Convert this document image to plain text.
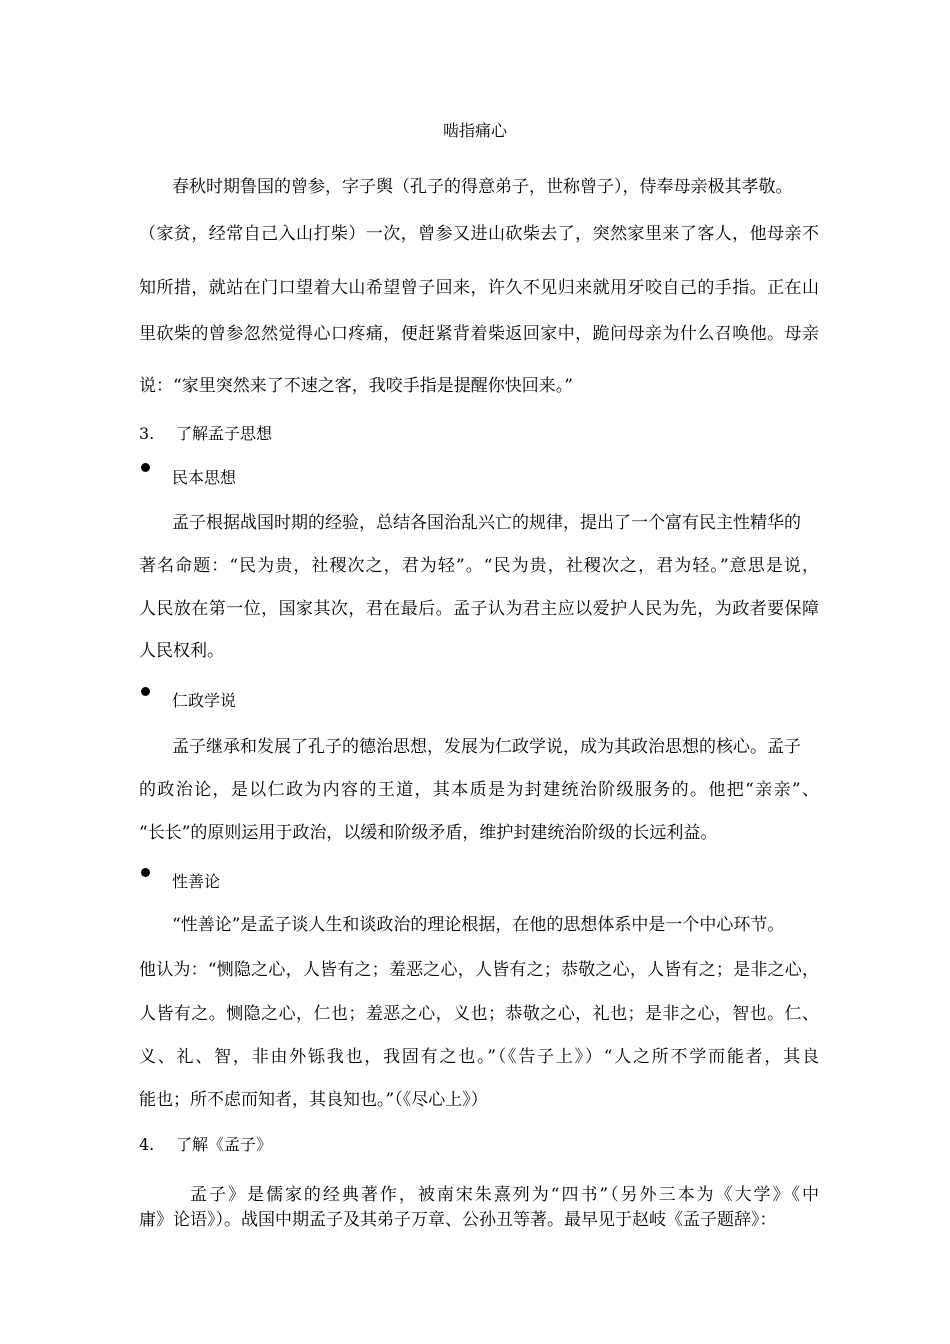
啮指痛心
春秋时期鲁国的曾参，字子舆（孔子的得意弟子，世称曾子），侍奉母亲极其孝敬。
（家贫，经常自己入山打柴）一次，曾参又进山砍柴去了，突然家里来了客人，他母亲不
知所措，就站在门口望着大山希望曾子回来，许久不见归来就用牙咬自己的手指。正在山
里砍柴的曾参忽然觉得心口疼痛，便赶紧背着柴返回家中，跪问母亲为什么召唤他。母亲
说：“家里突然来了不速之客，我咬手指是提醒你快回来。”
3. 了解孟子思想
民本思想
孟子根据战国时期的经验，总结各国治乱兴亡的规律，提出了一个富有民主性精华的
著名命题：“民为贵，社稷次之，君为轻”。“民为贵，社稷次之，君为轻。”意思是说，
人民放在第一位，国家其次，君在最后。孟子认为君主应以爱护人民为先，为政者要保障
人民权利。
仁政学说
孟子继承和发展了孔子的德治思想，发展为仁政学说，成为其政治思想的核心。孟子
的政治论，是以仁政为内容的王道，其本质是为封建统治阶级服务的。他把“亲亲”、
“长长”的原则运用于政治，以缓和阶级矛盾，维护封建统治阶级的长远利益。
性善论
“性善论”是孟子谈人生和谈政治的理论根据，在他的思想体系中是一个中心环节。
他认为：“恻隐之心，人皆有之；羞恶之心，人皆有之；恭敬之心，人皆有之；是非之心，
人皆有之。恻隐之心，仁也；羞恶之心，义也；恭敬之心，礼也；是非之心，智也。仁、
义、礼、智，非由外铄我也，我固有之也。”（《告子上》）“人之所不学而能者，其良
能也；所不虑而知者，其良知也。”（《尽心上》）
4. 了解《孟子》
孟子》是儒家的经典著作，被南宋朱熹列为“四书”（另外三本为《大学》《中
庸》论语》）。战国中期孟子及其弟子万章、公孙丑等著。最早见于赵岐《孟子题辞》：
